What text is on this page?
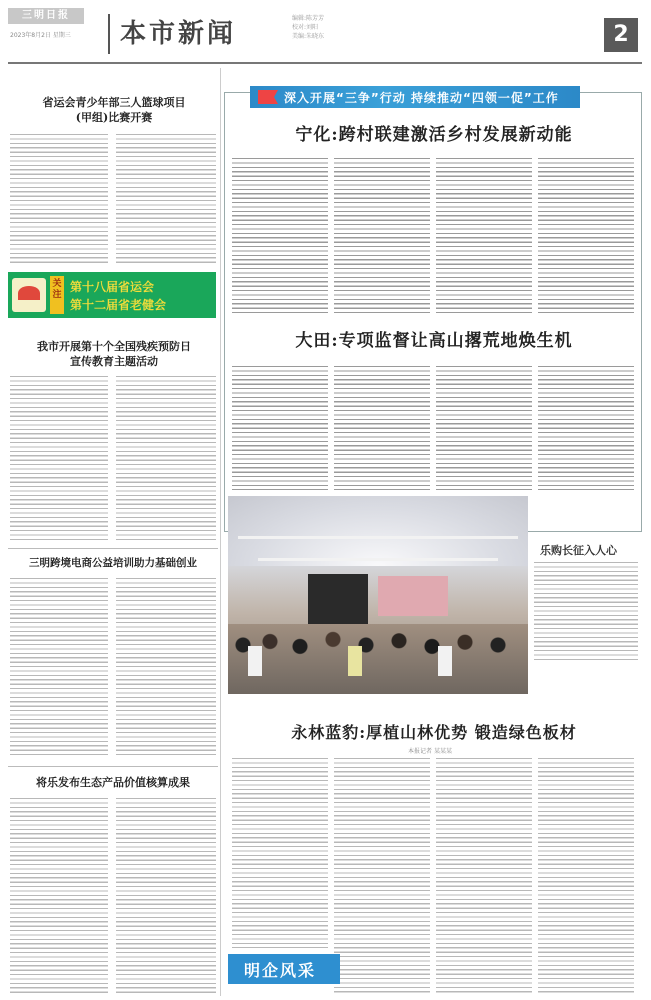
三明日报
2023年8月2日 星期三	本市新闻
编辑:陈芳芳
校对:刘阳
美编:朱晓东	2
省运会青少年部三人篮球项目
(甲组)比赛开赛
关注
第十八届省运会
第十二届省老健会
我市开展第十个全国残疾预防日
宣传教育主题活动
三明跨境电商公益培训助力基础创业
将乐发布生态产品价值核算成果
深入开展“三争”行动 持续推动“四领一促”工作
宁化:跨村联建激活乡村发展新动能
大田:专项监督让高山撂荒地焕生机
乐购长征入人心
永林蓝豹:厚植山林优势 锻造绿色板材
本报记者 某某某
明企风采
